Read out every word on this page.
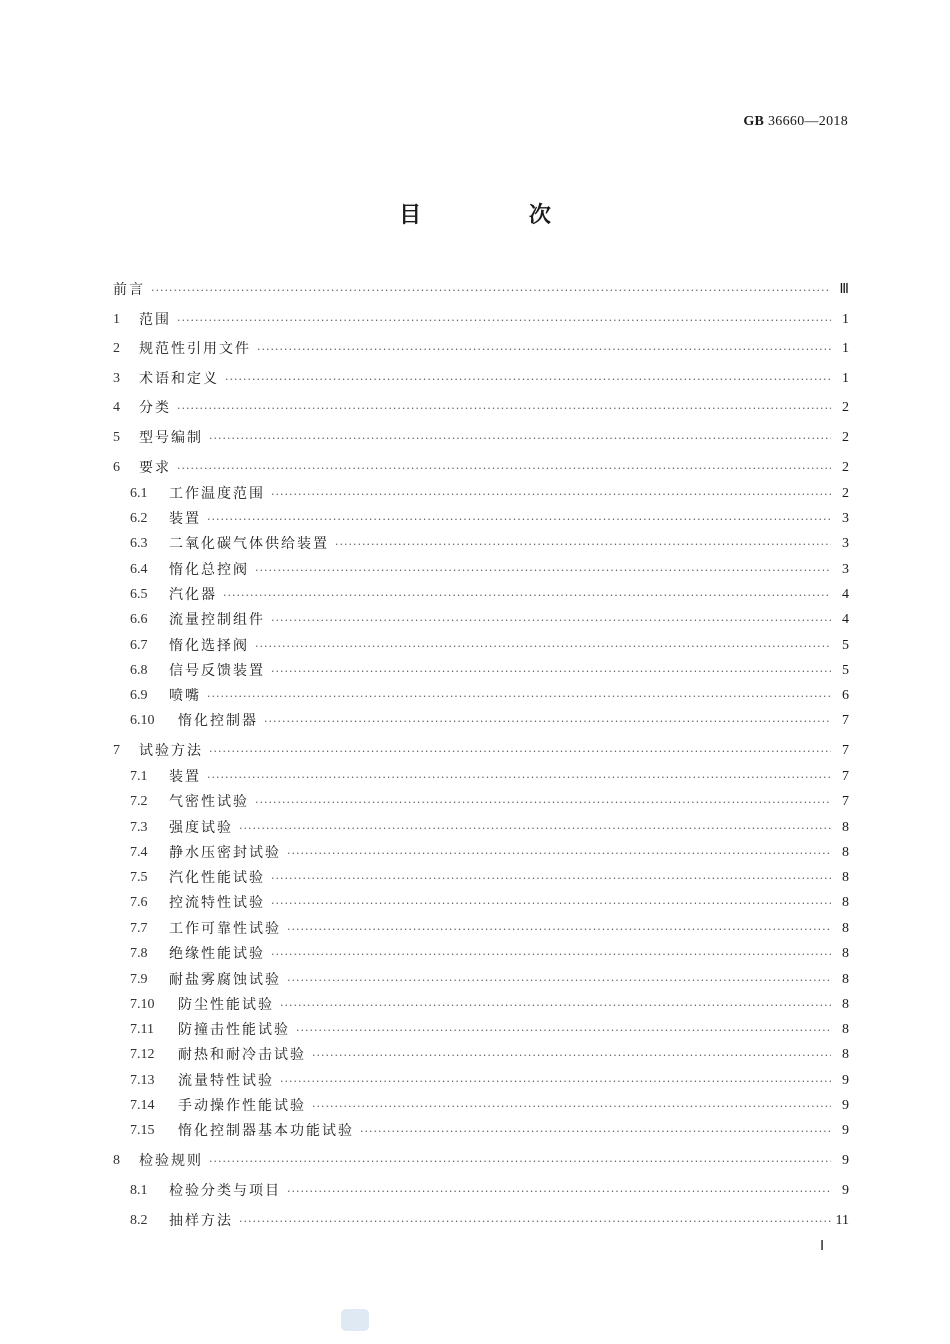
GB 36660—2018
目 次
前言 ·····	Ⅲ
1	范围 ·····	1
2	规范性引用文件 ·····	1
3	术语和定义 ·····	1
4	分类 ·····	2
5	型号编制 ·····	2
6	要求 ·····	2
6.1	工作温度范围 ·····	2
6.2	装置 ·····	3
6.3	二氧化碳气体供给装置 ·····	3
6.4	惰化总控阀 ·····	3
6.5	汽化器 ·····	4
6.6	流量控制组件 ·····	4
6.7	惰化选择阀 ·····	5
6.8	信号反馈装置 ·····	5
6.9	喷嘴 ·····	6
6.10	惰化控制器 ·····	7
7	试验方法 ·····	7
7.1	装置 ·····	7
7.2	气密性试验 ·····	7
7.3	强度试验 ·····	8
7.4	静水压密封试验 ·····	8
7.5	汽化性能试验 ·····	8
7.6	控流特性试验 ·····	8
7.7	工作可靠性试验 ·····	8
7.8	绝缘性能试验 ·····	8
7.9	耐盐雾腐蚀试验 ·····	8
7.10	防尘性能试验 ·····	8
7.11	防撞击性能试验 ·····	8
7.12	耐热和耐冷击试验 ·····	8
7.13	流量特性试验 ·····	9
7.14	手动操作性能试验 ·····	9
7.15	惰化控制器基本功能试验 ·····	9
8	检验规则 ·····	9
8.1	检验分类与项目 ·····	9
8.2	抽样方法 ·····	11
Ⅰ
